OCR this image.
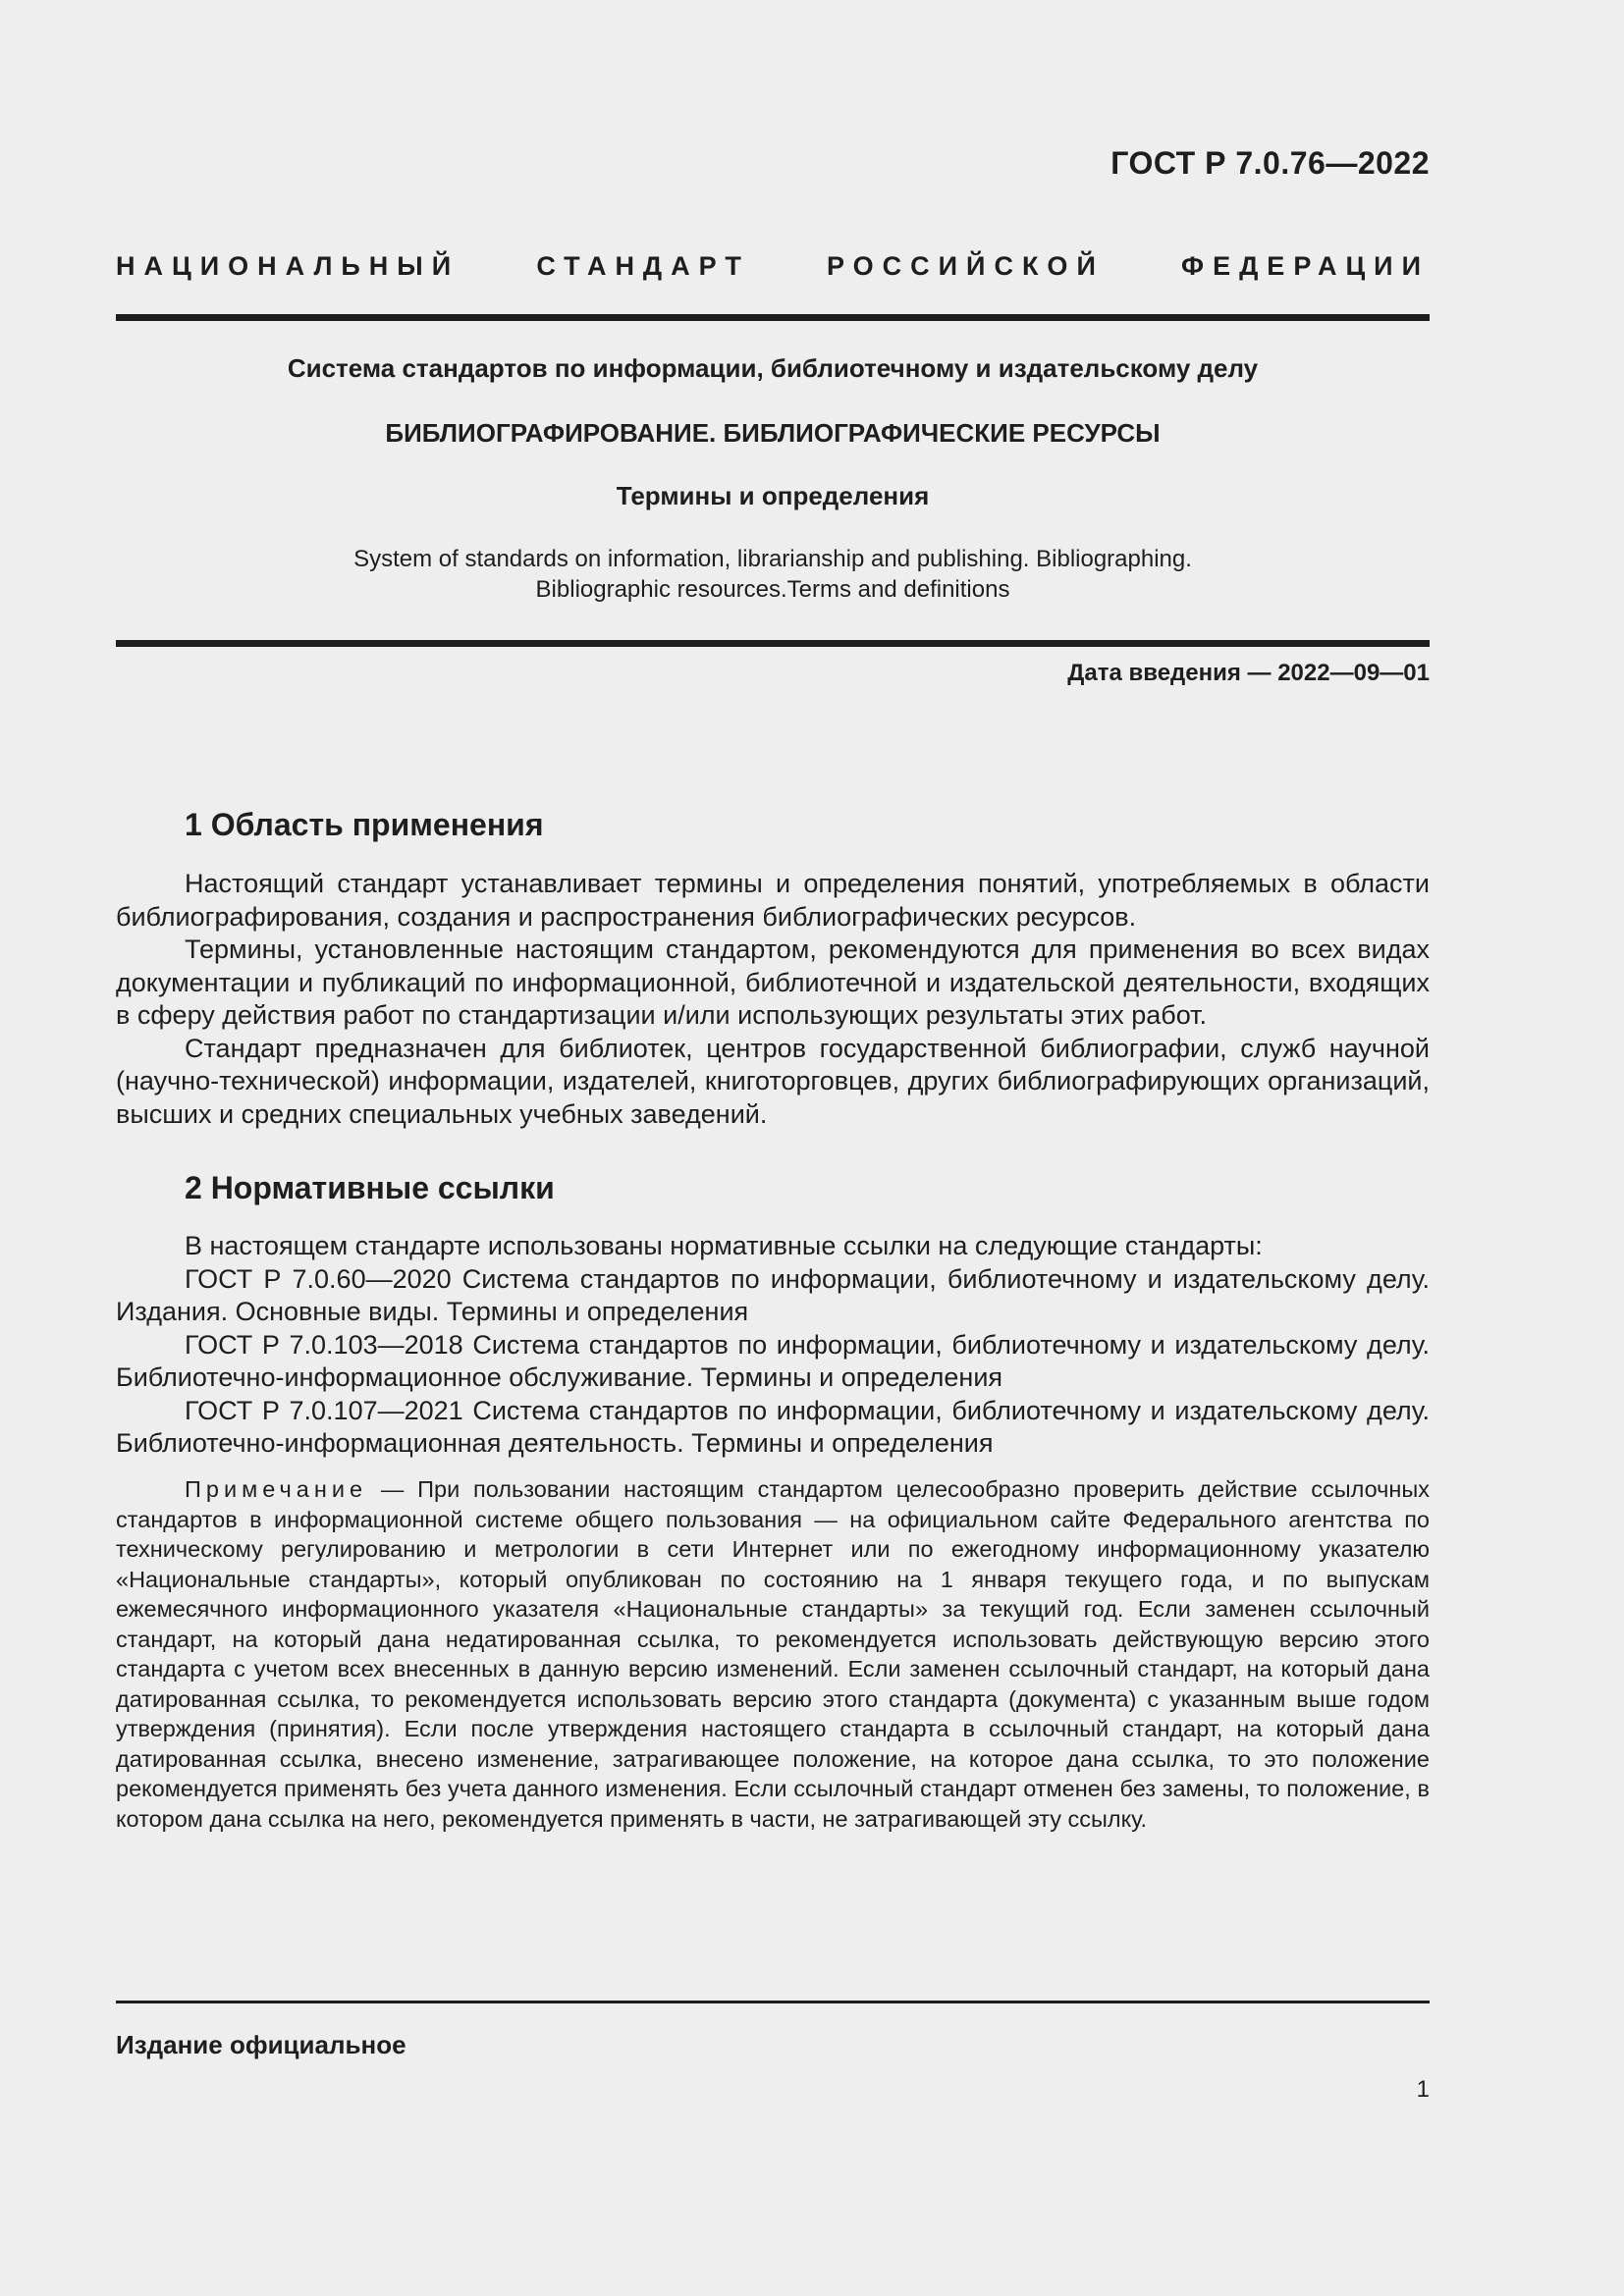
ГОСТ Р 7.0.76—2022
НАЦИОНАЛЬНЫЙ СТАНДАРТ РОССИЙСКОЙ ФЕДЕРАЦИИ
Система стандартов по информации, библиотечному и издательскому делу
БИБЛИОГРАФИРОВАНИЕ. БИБЛИОГРАФИЧЕСКИЕ РЕСУРСЫ
Термины и определения
System of standards on information, librarianship and publishing. Bibliographing.
Bibliographic resources.Terms and definitions
Дата введения — 2022—09—01
1 Область применения

Настоящий стандарт устанавливает термины и определения понятий, употребляемых в области библиографирования, создания и распространения библиографических ресурсов.

Термины, установленные настоящим стандартом, рекомендуются для применения во всех видах документации и публикаций по информационной, библиотечной и издательской деятельности, входящих в сферу действия работ по стандартизации и/или использующих результаты этих работ.

Стандарт предназначен для библиотек, центров государственной библиографии, служб научной (научно-технической) информации, издателей, книготорговцев, других библиографирующих организаций, высших и средних специальных учебных заведений.

2 Нормативные ссылки

В настоящем стандарте использованы нормативные ссылки на следующие стандарты:

ГОСТ Р 7.0.60—2020 Система стандартов по информации, библиотечному и издательскому делу. Издания. Основные виды. Термины и определения

ГОСТ Р 7.0.103—2018 Система стандартов по информации, библиотечному и издательскому делу. Библиотечно-информационное обслуживание. Термины и определения

ГОСТ Р 7.0.107—2021 Система стандартов по информации, библиотечному и издательскому делу. Библиотечно-информационная деятельность. Термины и определения

Примечание — При пользовании настоящим стандартом целесообразно проверить действие ссылочных стандартов в информационной системе общего пользования — на официальном сайте Федерального агентства по техническому регулированию и метрологии в сети Интернет или по ежегодному информационному указателю «Национальные стандарты», который опубликован по состоянию на 1 января текущего года, и по выпускам ежемесячного информационного указателя «Национальные стандарты» за текущий год. Если заменен ссылочный стандарт, на который дана недатированная ссылка, то рекомендуется использовать действующую версию этого стандарта с учетом всех внесенных в данную версию изменений. Если заменен ссылочный стандарт, на который дана датированная ссылка, то рекомендуется использовать версию этого стандарта (документа) с указанным выше годом утверждения (принятия). Если после утверждения настоящего стандарта в ссылочный стандарт, на который дана датированная ссылка, внесено изменение, затрагивающее положение, на которое дана ссылка, то это положение рекомендуется применять без учета данного изменения. Если ссылочный стандарт отменен без замены, то положение, в котором дана ссылка на него, рекомендуется применять в части, не затрагивающей эту ссылку.

Издание официальное
1
